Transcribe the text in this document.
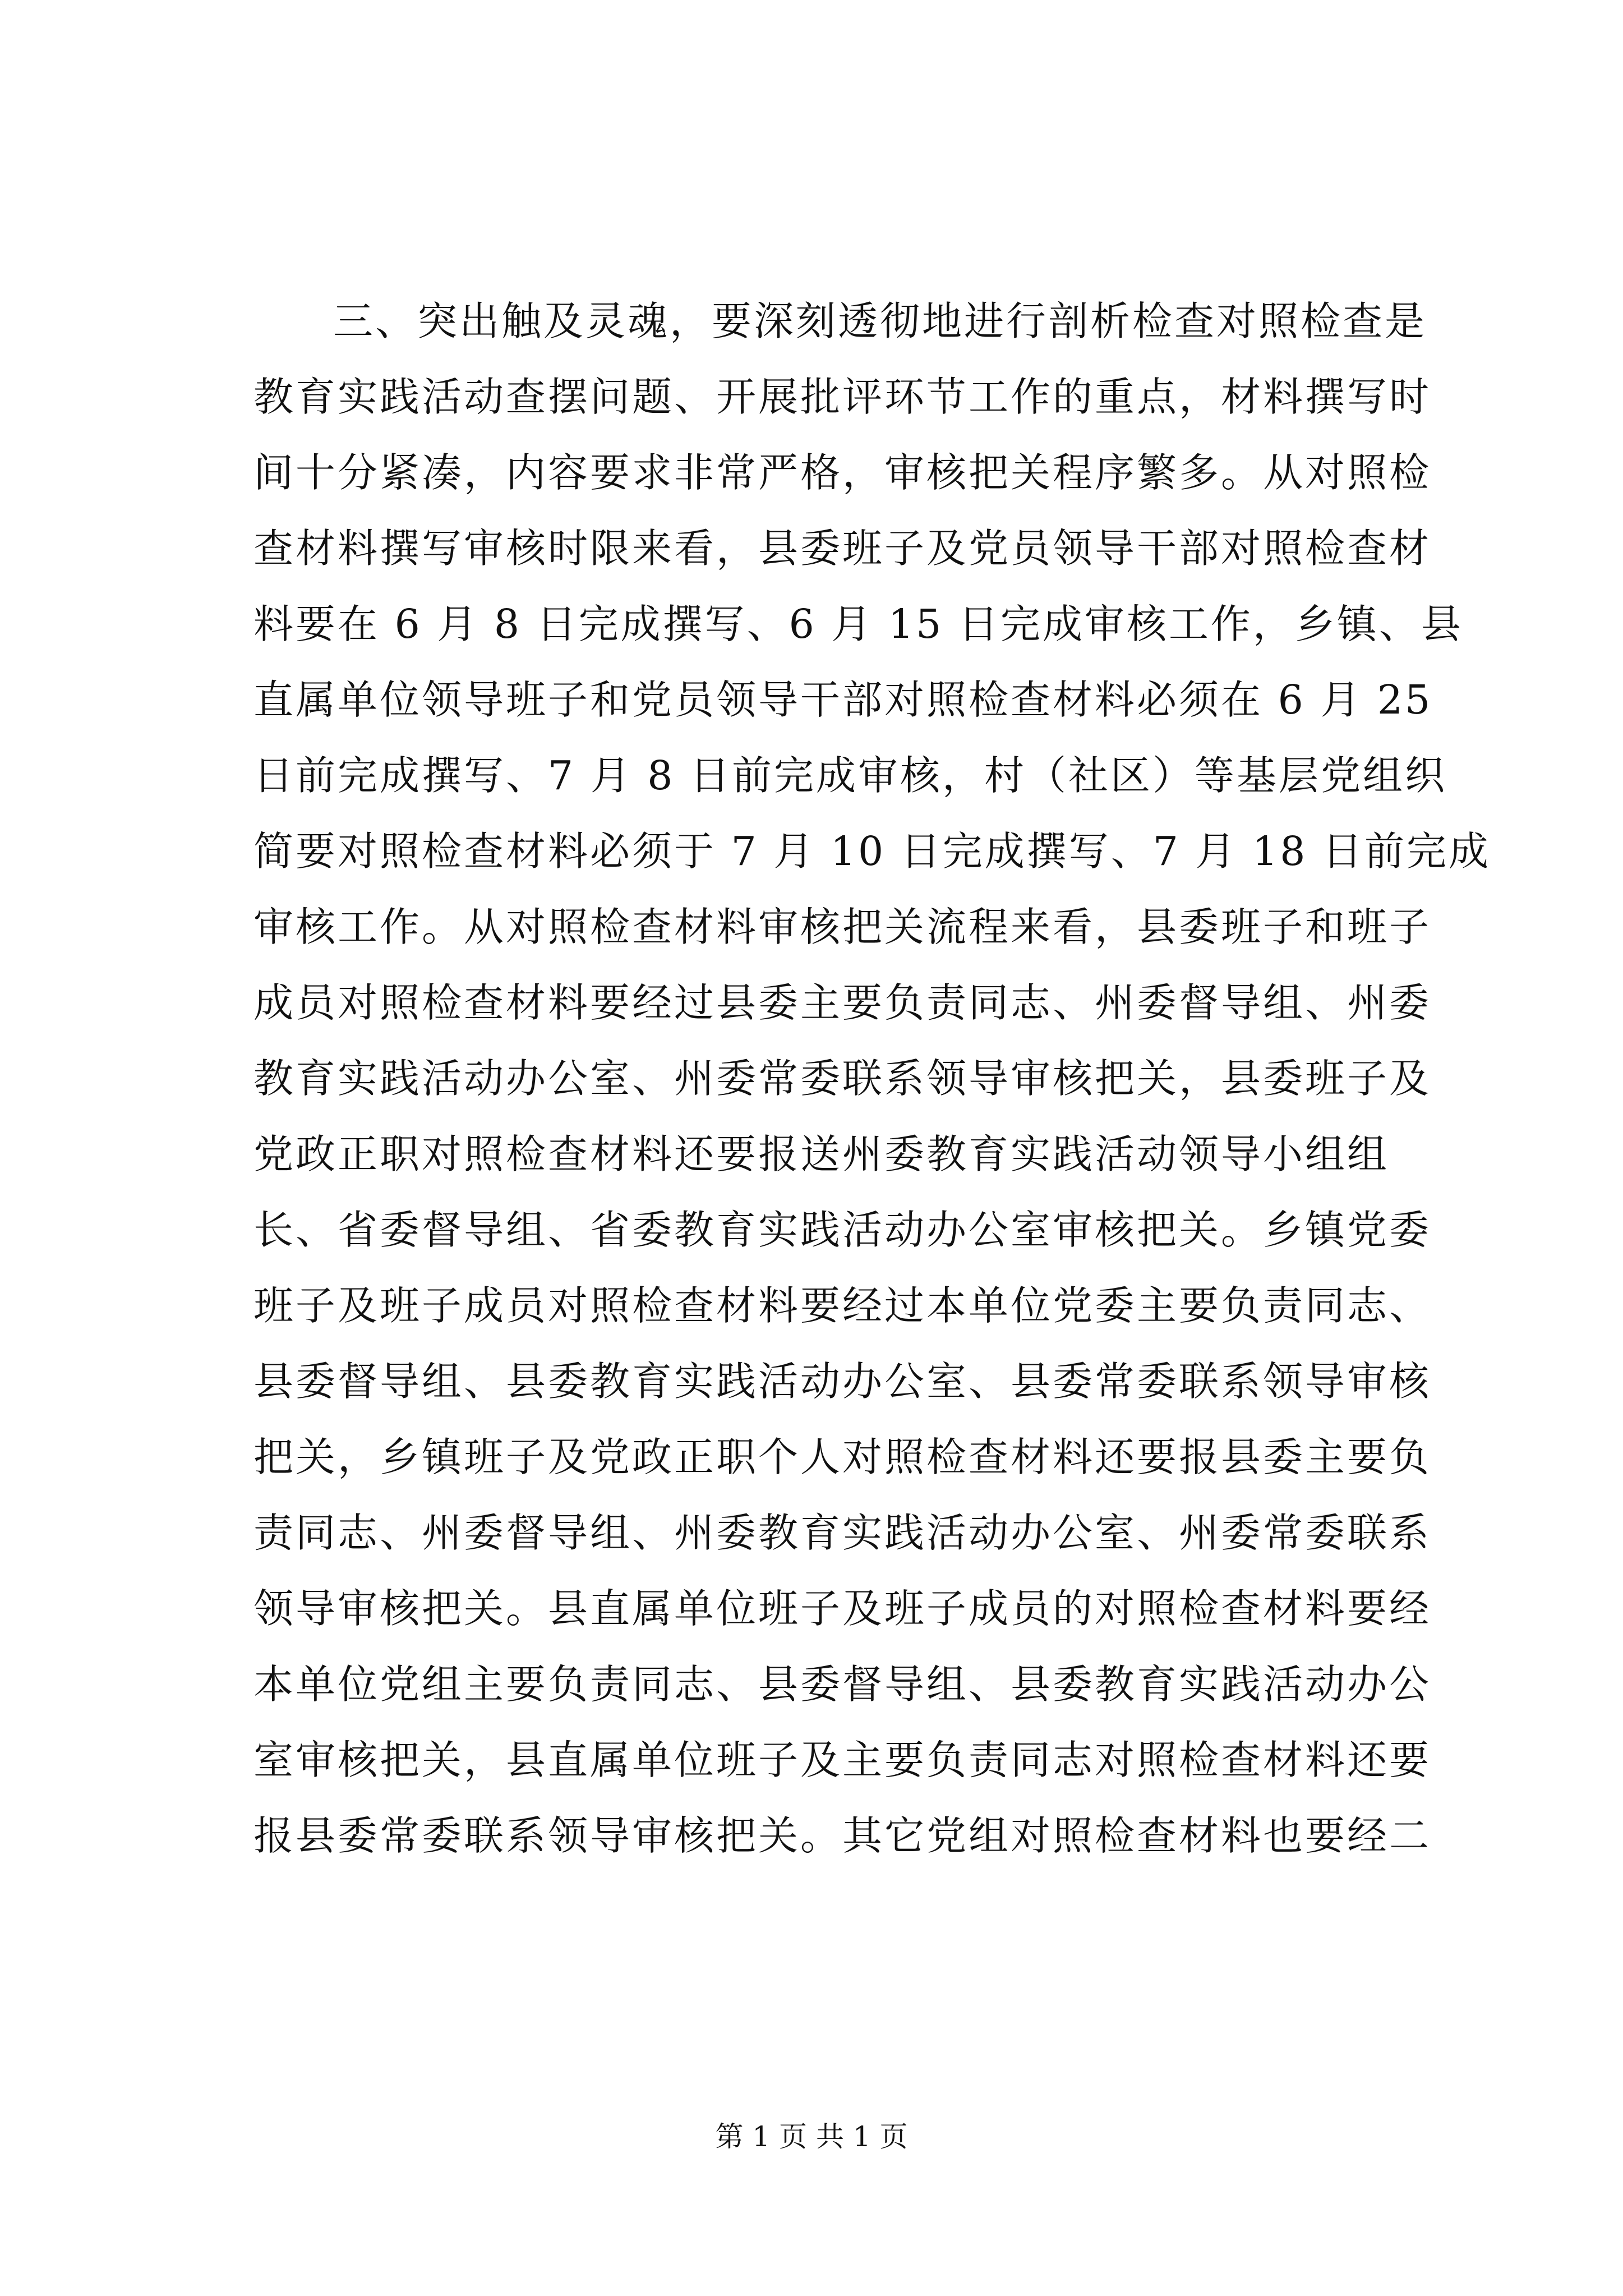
三、突出触及灵魂，要深刻透彻地进行剖析检查对照检查是
教育实践活动查摆问题、开展批评环节工作的重点，材料撰写时
间十分紧凑，内容要求非常严格，审核把关程序繁多。从对照检
查材料撰写审核时限来看，县委班子及党员领导干部对照检查材
料要在 6 月 8 日完成撰写、6 月 15 日完成审核工作，乡镇、县
直属单位领导班子和党员领导干部对照检查材料必须在 6 月 25
日前完成撰写、7 月 8 日前完成审核，村（社区）等基层党组织
简要对照检查材料必须于 7 月 10 日完成撰写、7 月 18 日前完成
审核工作。从对照检查材料审核把关流程来看，县委班子和班子
成员对照检查材料要经过县委主要负责同志、州委督导组、州委
教育实践活动办公室、州委常委联系领导审核把关，县委班子及
党政正职对照检查材料还要报送州委教育实践活动领导小组组
长、省委督导组、省委教育实践活动办公室审核把关。乡镇党委
班子及班子成员对照检查材料要经过本单位党委主要负责同志、
县委督导组、县委教育实践活动办公室、县委常委联系领导审核
把关，乡镇班子及党政正职个人对照检查材料还要报县委主要负
责同志、州委督导组、州委教育实践活动办公室、州委常委联系
领导审核把关。县直属单位班子及班子成员的对照检查材料要经
本单位党组主要负责同志、县委督导组、县委教育实践活动办公
室审核把关，县直属单位班子及主要负责同志对照检查材料还要
报县委常委联系领导审核把关。其它党组对照检查材料也要经二
第 1 页 共 1 页
